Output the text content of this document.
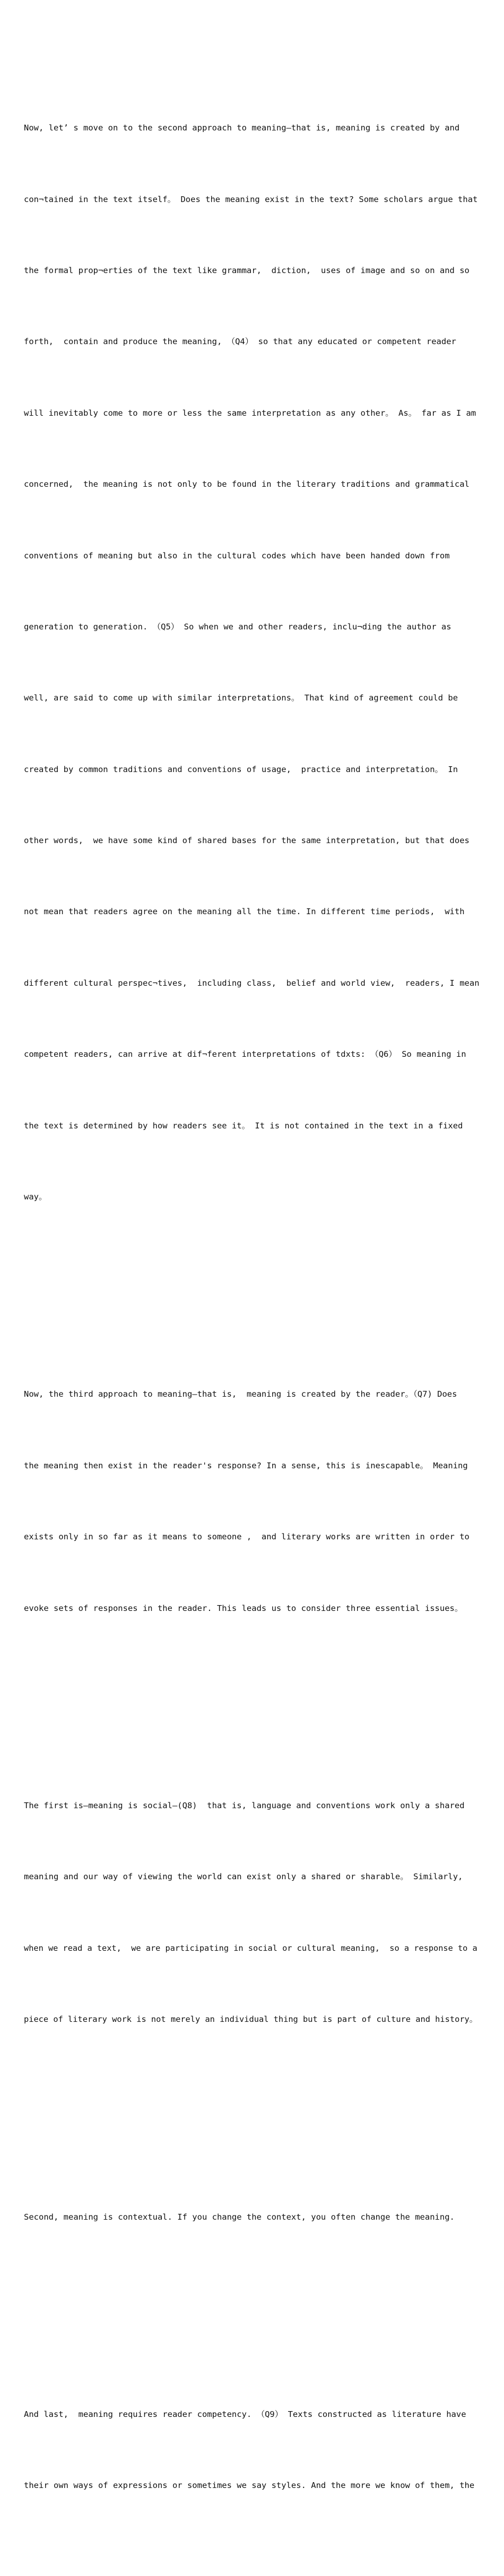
Now, let’ s move on to the second approach to meaning—that is, meaning is created by and

con¬tained in the text itself。 Does the meaning exist in the text? Some scholars argue that

the formal prop¬erties of the text like grammar,  diction,  uses of image and so on and so

forth,  contain and produce the meaning, （Q4） so that any educated or competent reader

will inevitably come to more or less the same interpretation as any other。 As。 far as I am

concerned,  the meaning is not only to be found in the literary traditions and grammatical

conventions of meaning but also in the cultural codes which have been handed down from

generation to generation. （Q5） So when we and other readers, inclu¬ding the author as

well, are said to come up with similar interpretations。 That kind of agreement could be

created by common traditions and conventions of usage,  practice and interpretation。 In

other words,  we have some kind of shared bases for the same interpretation, but that does

not mean that readers agree on the meaning all the time. In different time periods,  with

different cultural perspec¬tives,  including class,  belief and world view,  readers, I mean

competent readers, can arrive at dif¬ferent interpretations of tdxts: （Q6） So meaning in

the text is determined by how readers see it。 It is not contained in the text in a fixed

way。

Now, the third approach to meaning—that is,  meaning is created by the reader。（Q7) Does

the meaning then exist in the reader's response? In a sense, this is inescapable。 Meaning

exists only in so far as it means to someone ,  and literary works are written in order to

evoke sets of responses in the reader. This leads us to consider three essential issues。

The first is—meaning is social—(Q8)  that is, language and conventions work only a shared

meaning and our way of viewing the world can exist only a shared or sharable。 Similarly,

when we read a text,  we are participating in social or cultural meaning,  so a response to a

piece of literary work is not merely an individual thing but is part of culture and history。

Second, meaning is contextual. If you change the context, you often change the meaning.

And last,  meaning requires reader competency. （Q9） Texts constructed as literature have

their own ways of expressions or sometimes we say styles. And the more we know of them, the
